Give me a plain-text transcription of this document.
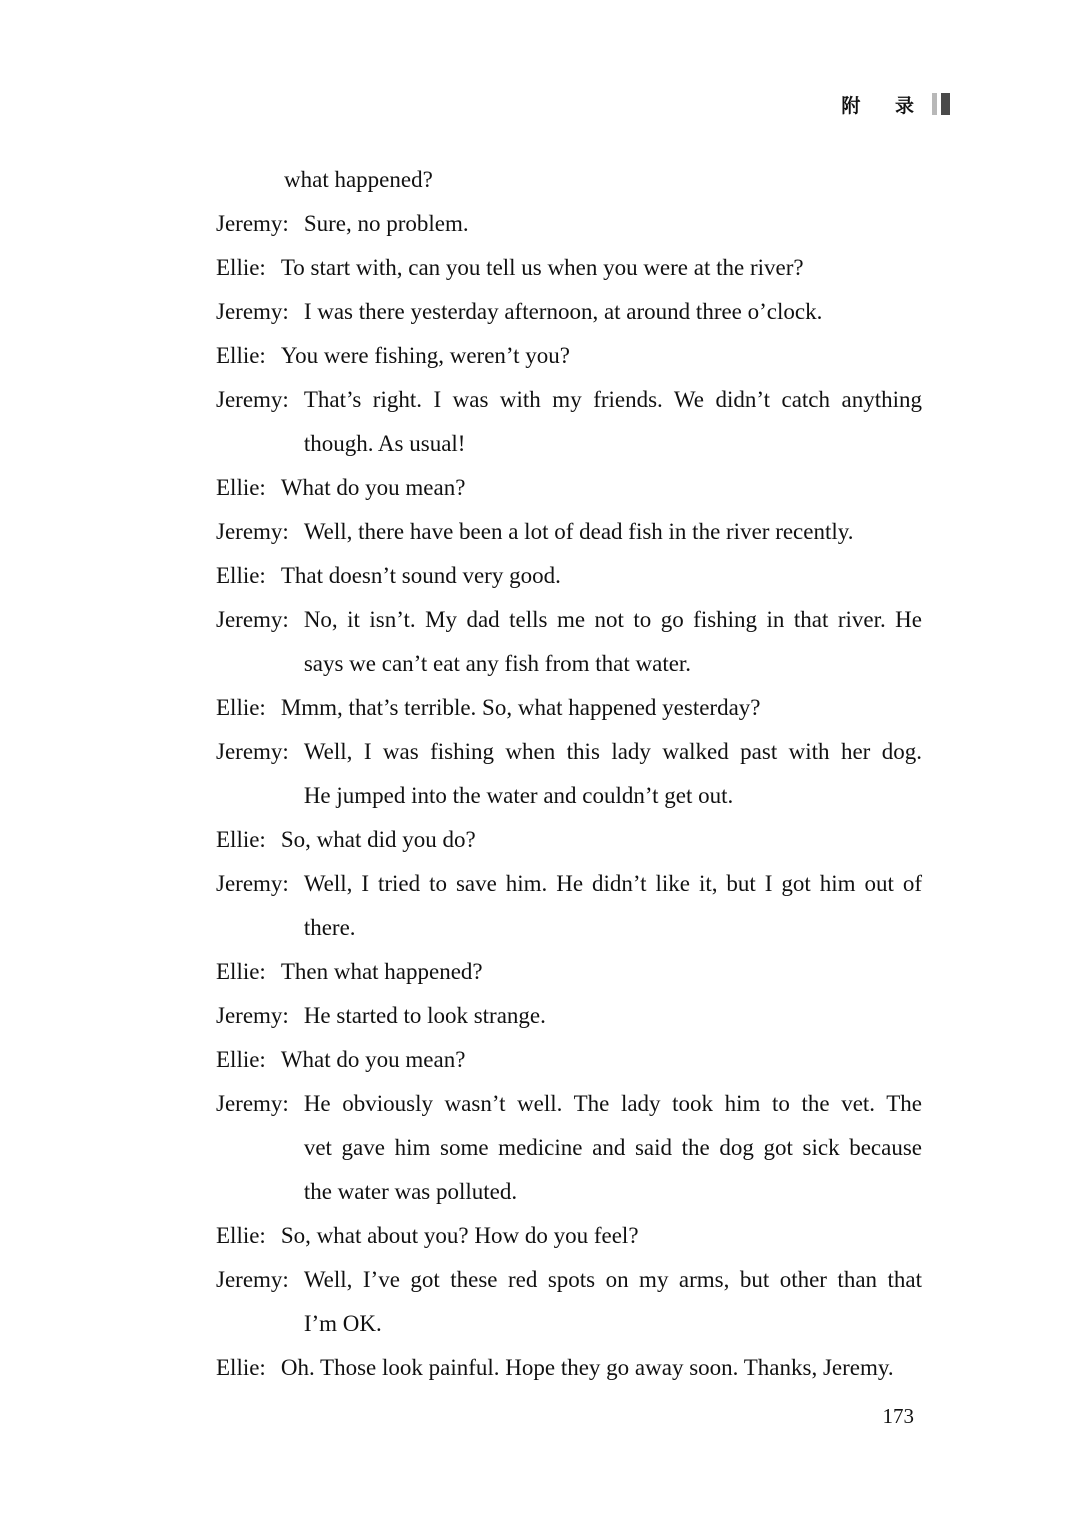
附 录
what happened?
Jeremy: Sure, no problem.
Ellie: To start with, can you tell us when you were at the river?
Jeremy: I was there yesterday afternoon, at around three o’clock.
Ellie: You were fishing, weren’t you?
Jeremy: That’s right. I was with my friends. We didn’t catch anything
though. As usual!
Ellie: What do you mean?
Jeremy: Well, there have been a lot of dead fish in the river recently.
Ellie: That doesn’t sound very good.
Jeremy: No, it isn’t. My dad tells me not to go fishing in that river. He
says we can’t eat any fish from that water.
Ellie: Mmm, that’s terrible. So, what happened yesterday?
Jeremy: Well, I was fishing when this lady walked past with her dog.
He jumped into the water and couldn’t get out.
Ellie: So, what did you do?
Jeremy: Well, I tried to save him. He didn’t like it, but I got him out of
there.
Ellie: Then what happened?
Jeremy: He started to look strange.
Ellie: What do you mean?
Jeremy: He obviously wasn’t well. The lady took him to the vet. The
vet gave him some medicine and said the dog got sick because
the water was polluted.
Ellie: So, what about you? How do you feel?
Jeremy: Well, I’ve got these red spots on my arms, but other than that
I’m OK.
Ellie: Oh. Those look painful. Hope they go away soon. Thanks, Jeremy.
173
